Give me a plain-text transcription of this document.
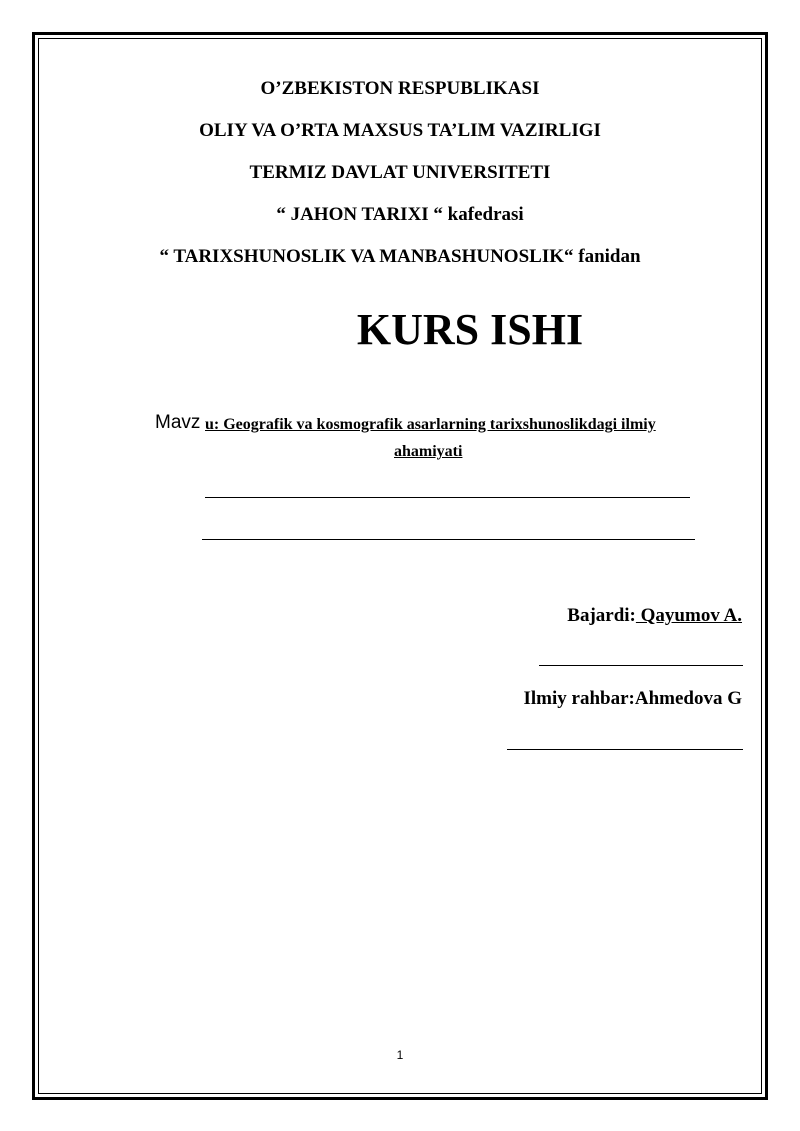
O’ZBEKISTON RESPUBLIKASI
OLIY VA O’RTA MAXSUS TA’LIM VAZIRLIGI
TERMIZ DAVLAT UNIVERSITETI
“ JAHON TARIXI “ kafedrasi
“ TARIXSHUNOSLIK VA MANBASHUNOSLIK“ fanidan
KURS ISHI
Mavz u: Geografik va kosmografik asarlarning tarixshunoslikdagi ilmiy
ahamiyati
Bajardi: Qayumov A.
Ilmiy rahbar:Ahmedova G
1
